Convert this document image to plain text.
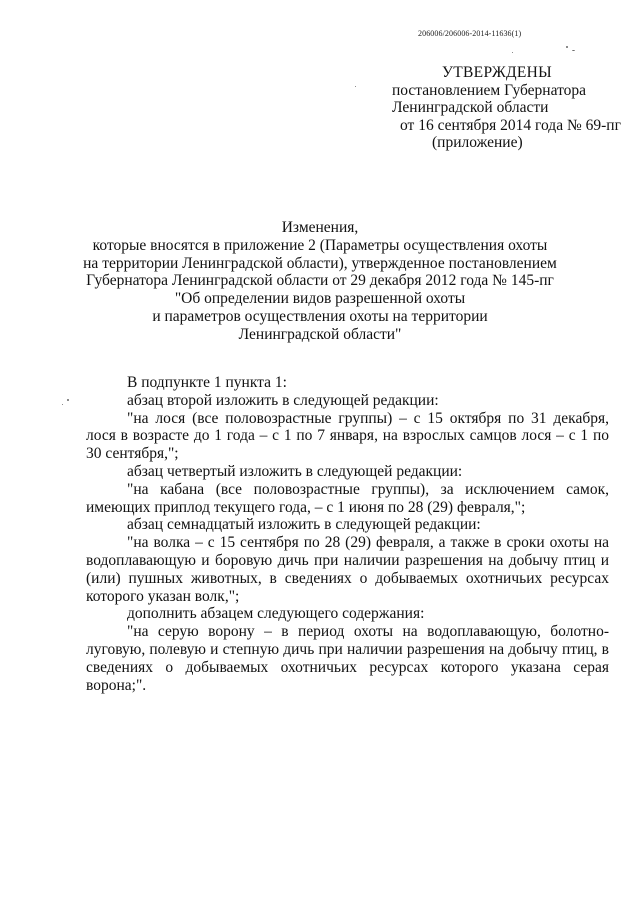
206006/206006-2014-11636(1)
УТВЕРЖДЕНЫ
постановлением Губернатора
Ленинградской области
от 16 сентября 2014 года № 69-пг
(приложение)
Изменения,
которые вносятся в приложение 2 (Параметры осуществления охоты
на территории Ленинградской области), утвержденное постановлением
Губернатора Ленинградской области от 29 декабря 2012 года № 145-пг
"Об определении видов разрешенной охоты
и параметров осуществления охоты на территории
Ленинградской области"

В подпункте 1 пункта 1:

абзац второй изложить в следующей редакции:

"на лося (все половозрастные группы) – с 15 октября по 31 декабря, лося в возрасте до 1 года – с 1 по 7 января, на взрослых самцов лося – с 1 по 30 сентября,";

абзац четвертый изложить в следующей редакции:

"на кабана (все половозрастные группы), за исключением самок, имеющих приплод текущего года, – с 1 июня по 28 (29) февраля,";

абзац семнадцатый изложить в следующей редакции:

"на волка – с 15 сентября по 28 (29) февраля, а также в сроки охоты на водоплавающую и боровую дичь при наличии разрешения на добычу птиц и (или) пушных животных, в сведениях о добываемых охотничьих ресурсах которого указан волк,";

дополнить абзацем следующего содержания:

"на серую ворону – в период охоты на водоплавающую, болотно-луговую, полевую и степную дичь при наличии разрешения на добычу птиц, в сведениях о добываемых охотничьих ресурсах которого указана серая ворона;".
